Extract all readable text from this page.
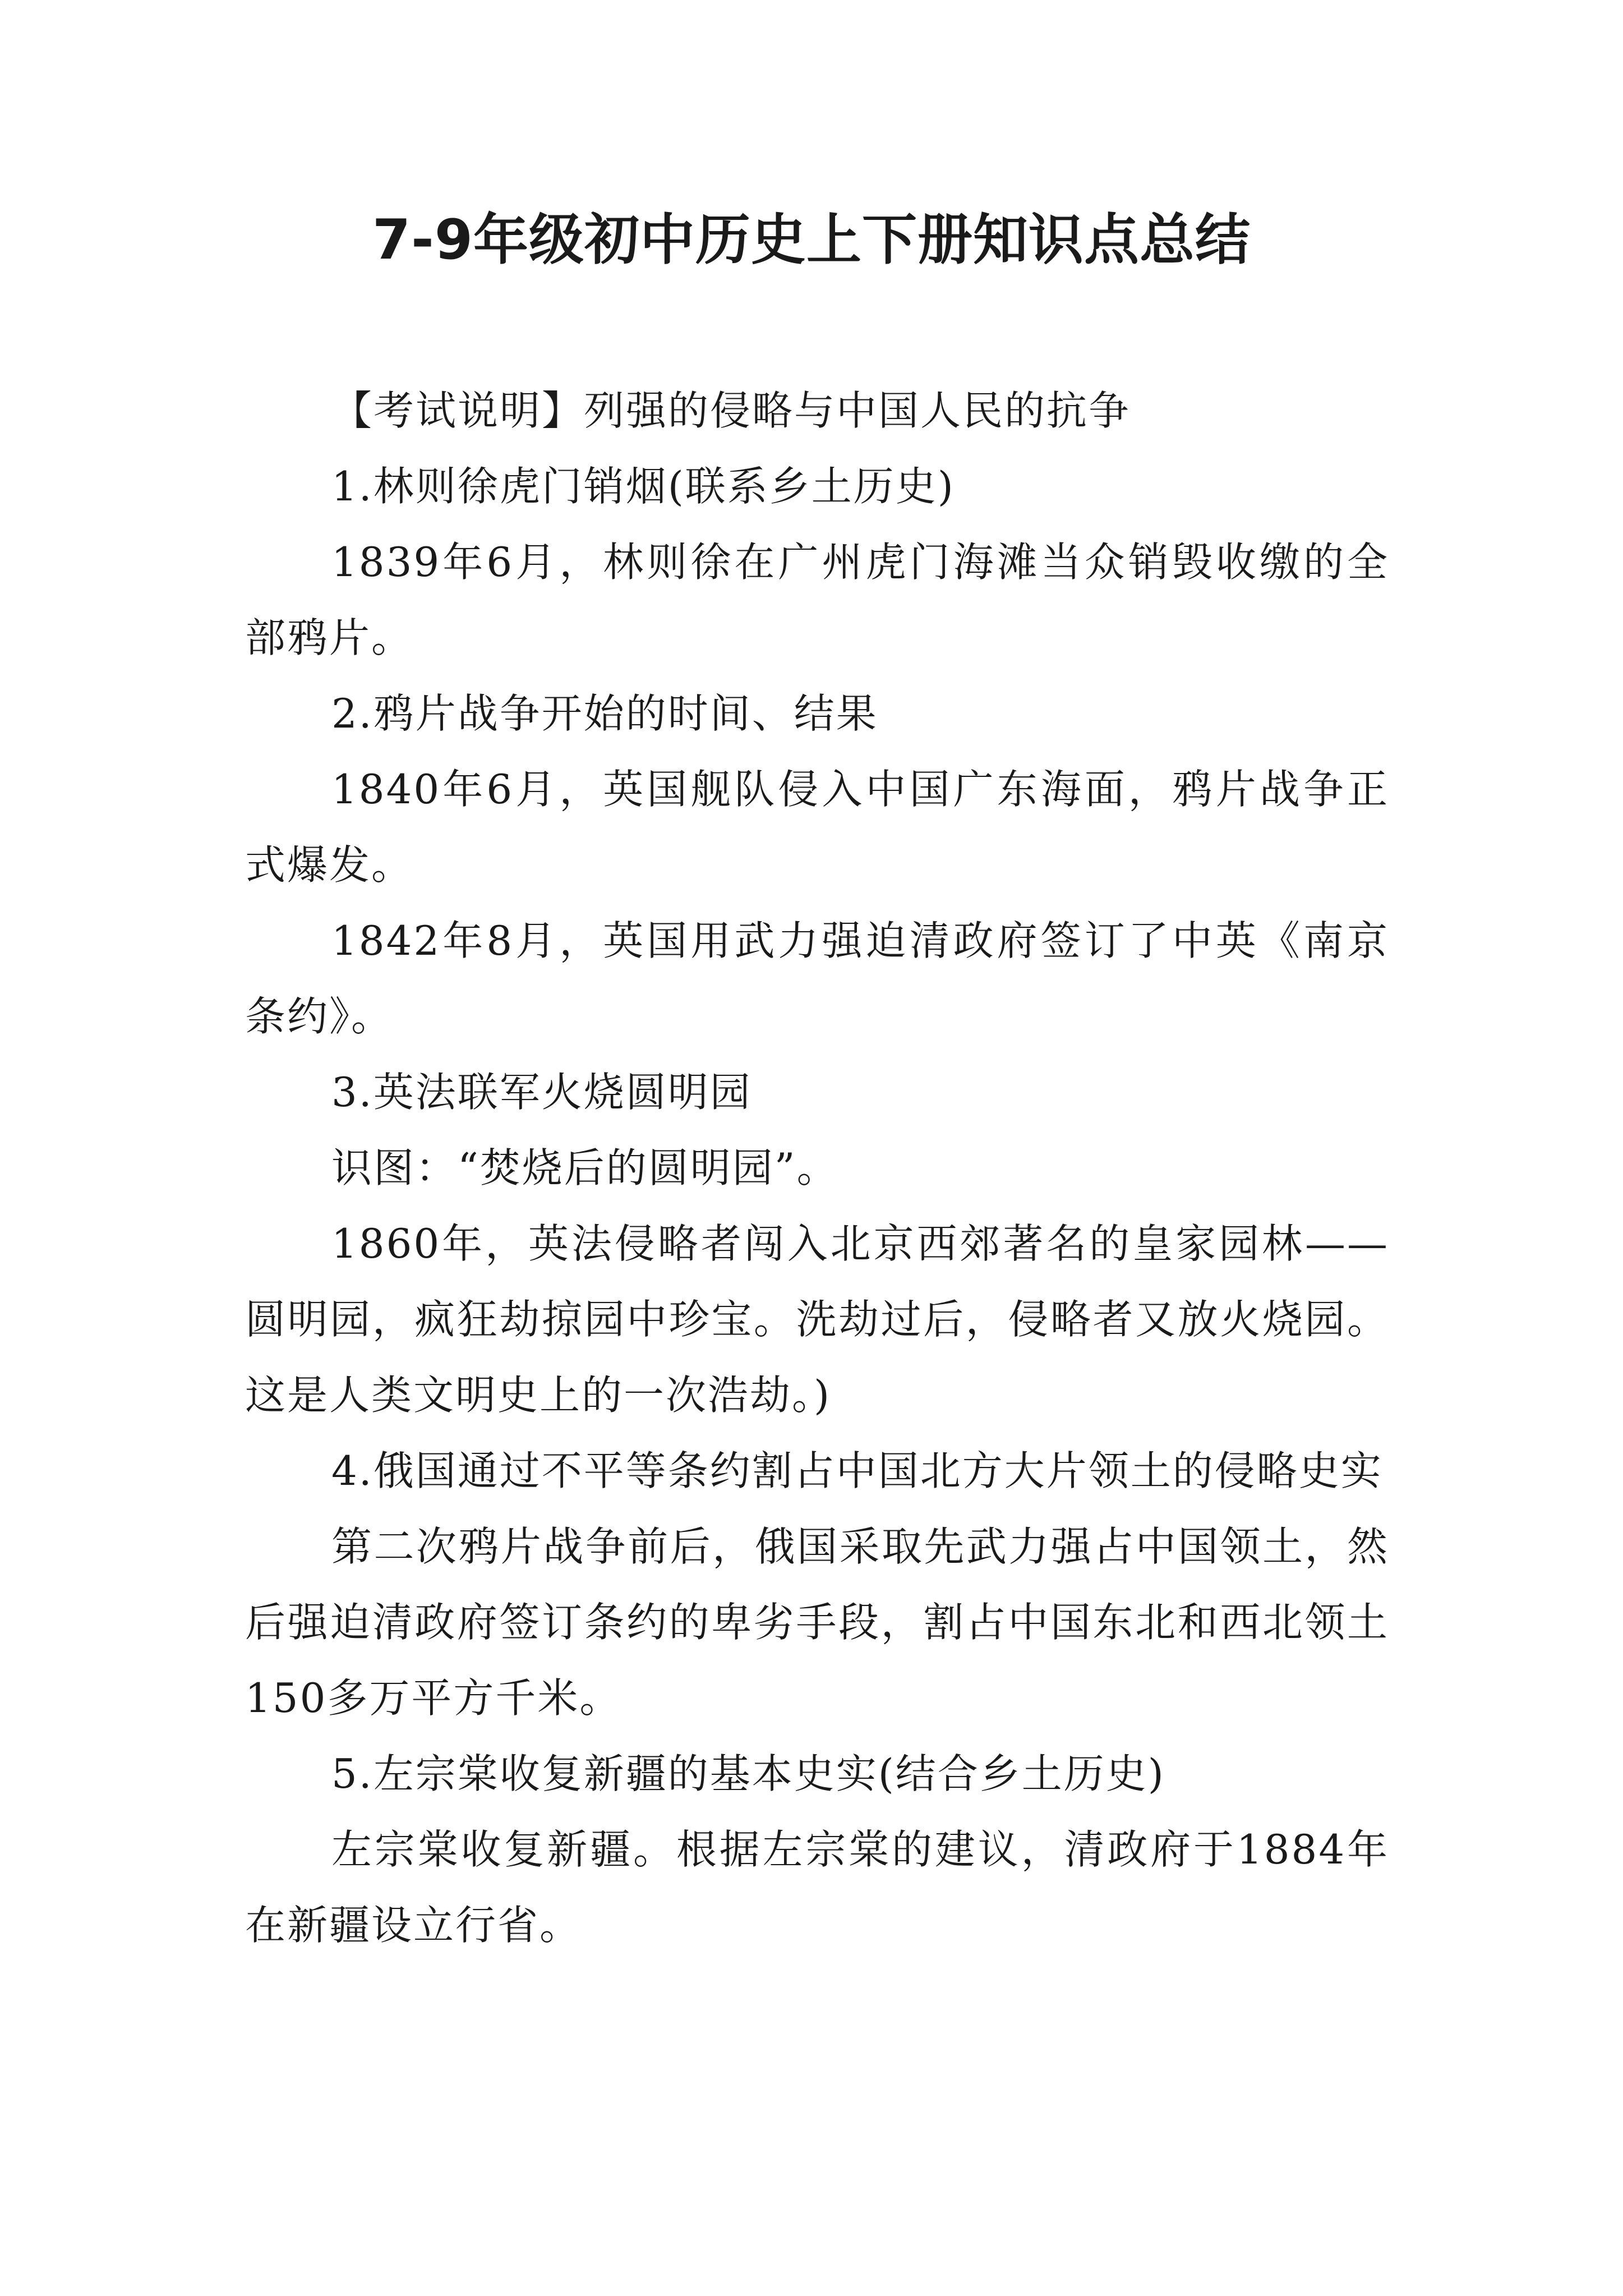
7-9年级初中历史上下册知识点总结

【考试说明】列强的侵略与中国人民的抗争

1.林则徐虎门销烟(联系乡土历史)

1839年6月，林则徐在广州虎门海滩当众销毁收缴的全部鸦片。

2.鸦片战争开始的时间、结果

1840年6月，英国舰队侵入中国广东海面，鸦片战争正式爆发。

1842年8月，英国用武力强迫清政府签订了中英《南京条约》。

3.英法联军火烧圆明园

识图：“焚烧后的圆明园”。

1860年，英法侵略者闯入北京西郊著名的皇家园林——圆明园，疯狂劫掠园中珍宝。洗劫过后，侵略者又放火烧园。这是人类文明史上的一次浩劫。)

4.俄国通过不平等条约割占中国北方大片领土的侵略史实

第二次鸦片战争前后，俄国采取先武力强占中国领土，然后强迫清政府签订条约的卑劣手段，割占中国东北和西北领土150多万平方千米。

5.左宗棠收复新疆的基本史实(结合乡土历史)

左宗棠收复新疆。根据左宗棠的建议，清政府于1884年在新疆设立行省。
